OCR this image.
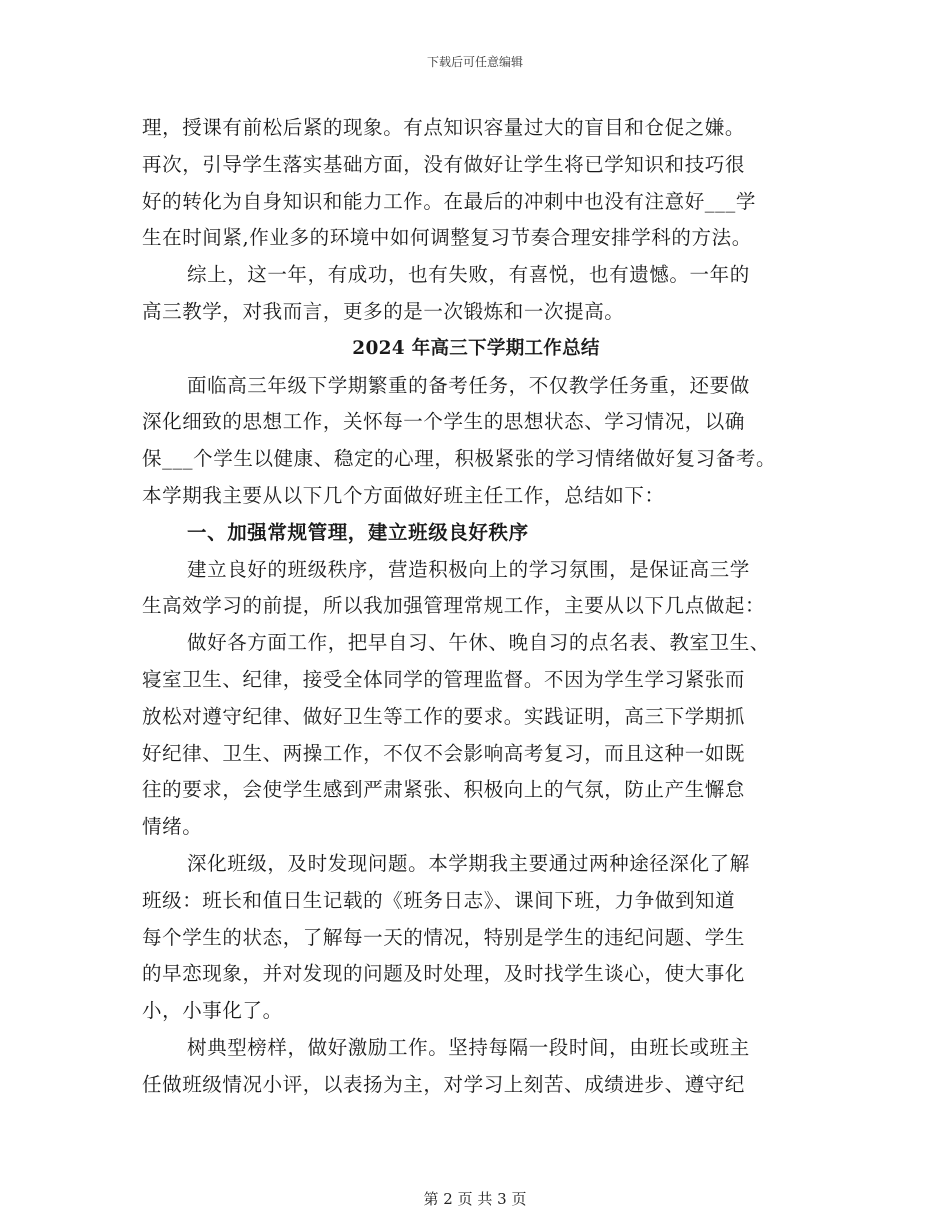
下载后可任意编辑
理，授课有前松后紧的现象。有点知识容量过大的盲目和仓促之嫌。
再次，引导学生落实基础方面，没有做好让学生将已学知识和技巧很
好的转化为自身知识和能力工作。在最后的冲刺中也没有注意好___学
生在时间紧,作业多的环境中如何调整复习节奏合理安排学科的方法。
综上，这一年，有成功，也有失败，有喜悦，也有遗憾。一年的
高三教学，对我而言，更多的是一次锻炼和一次提高。
2024 年高三下学期工作总结
面临高三年级下学期繁重的备考任务，不仅教学任务重，还要做
深化细致的思想工作，关怀每一个学生的思想状态、学习情况，以确
保___个学生以健康、稳定的心理，积极紧张的学习情绪做好复习备考。
本学期我主要从以下几个方面做好班主任工作，总结如下：
一、加强常规管理，建立班级良好秩序
建立良好的班级秩序，营造积极向上的学习氛围，是保证高三学
生高效学习的前提，所以我加强管理常规工作，主要从以下几点做起：
做好各方面工作，把早自习、午休、晚自习的点名表、教室卫生、
寝室卫生、纪律，接受全体同学的管理监督。不因为学生学习紧张而
放松对遵守纪律、做好卫生等工作的要求。实践证明，高三下学期抓
好纪律、卫生、两操工作，不仅不会影响高考复习，而且这种一如既
往的要求，会使学生感到严肃紧张、积极向上的气氛，防止产生懈怠
情绪。
深化班级，及时发现问题。本学期我主要通过两种途径深化了解
班级：班长和值日生记载的《班务日志》、课间下班，力争做到知道
每个学生的状态，了解每一天的情况，特别是学生的违纪问题、学生
的早恋现象，并对发现的问题及时处理，及时找学生谈心，使大事化
小，小事化了。
树典型榜样，做好激励工作。坚持每隔一段时间，由班长或班主
任做班级情况小评，以表扬为主，对学习上刻苦、成绩进步、遵守纪
第 2 页 共 3 页
